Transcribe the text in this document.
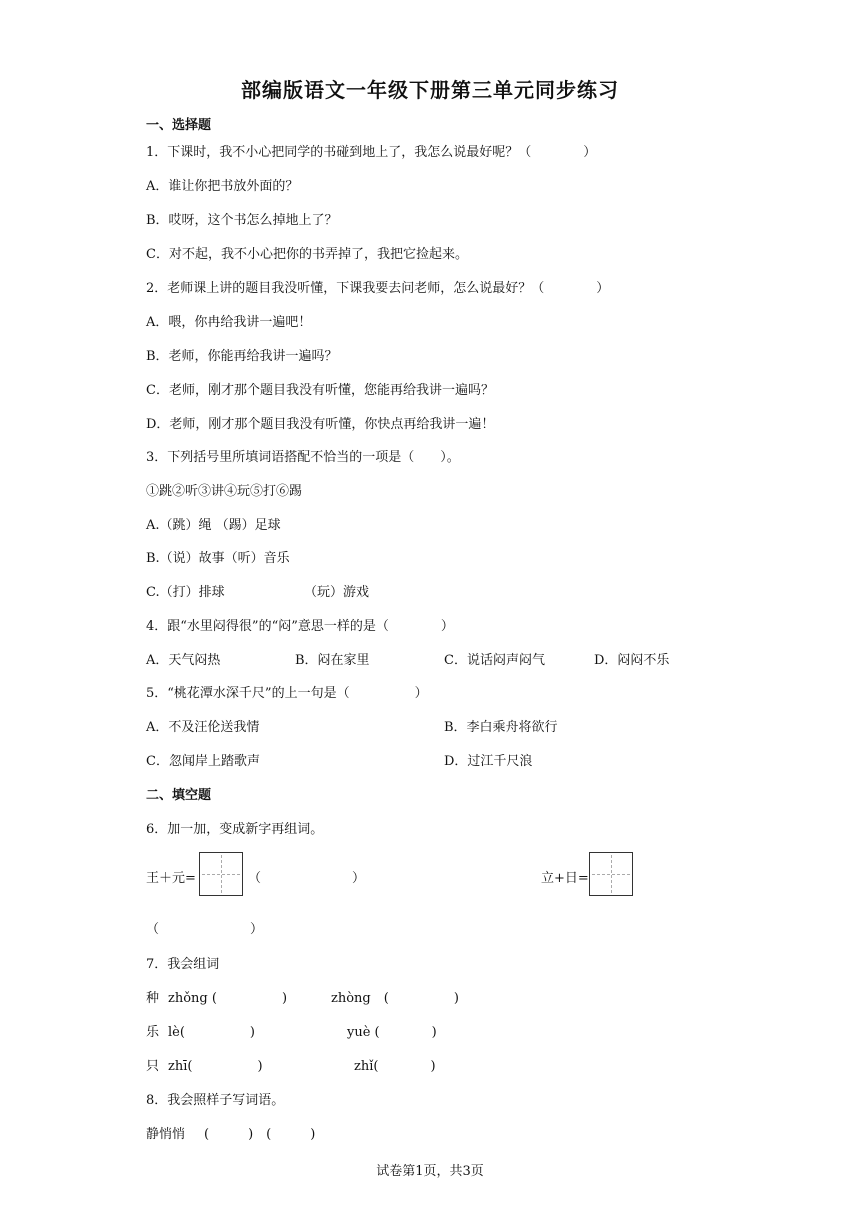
部编版语文一年级下册第三单元同步练习
一、选择题
1．下课时，我不小心把同学的书碰到地上了，我怎么说最好呢？（　　　　）
A．谁让你把书放外面的？
B．哎呀，这个书怎么掉地上了？
C．对不起，我不小心把你的书弄掉了，我把它捡起来。
2．老师课上讲的题目我没听懂，下课我要去问老师，怎么说最好？（　　　　）
A．喂，你冉给我讲一遍吧！
B．老师，你能再给我讲一遍吗？
C．老师，刚才那个题目我没有听懂，您能再给我讲一遍吗？
D．老师，刚才那个题目我没有听懂，你快点再给我讲一遍！
3．下列括号里所填词语搭配不恰当的一项是（　　）。
①跳②听③讲④玩⑤打⑥踢
A.（跳）绳 （踢）足球
B.（说）故事（听）音乐
C.（打）排球	（玩）游戏
4．跟“水里闷得很”的“闷”意思一样的是（　　　　）
A．天气闷热	B．闷在家里	C．说话闷声闷气	D．闷闷不乐
5．“桃花潭水深千尺”的上一句是（　　　　　）
A．不及汪伦送我情	B．李白乘舟将欲行
C．忽闻岸上踏歌声	D．过江千尺浪
二、填空题
6．加一加，变成新字再组词。
王＋元=	（　　　　　　　）	立+日=
（　　　　　　　）
7．我会组词
种 zhǒng (　　　　　)	zhòng　(　　　　　)
乐 lè(　　　　　)	yuè (　　　　)
只 zhī(　　　　　)	zhǐ(　　　　)
8．我会照样子写词语。
静悄悄 (　　　)　(　　　)
试卷第1页，共3页
